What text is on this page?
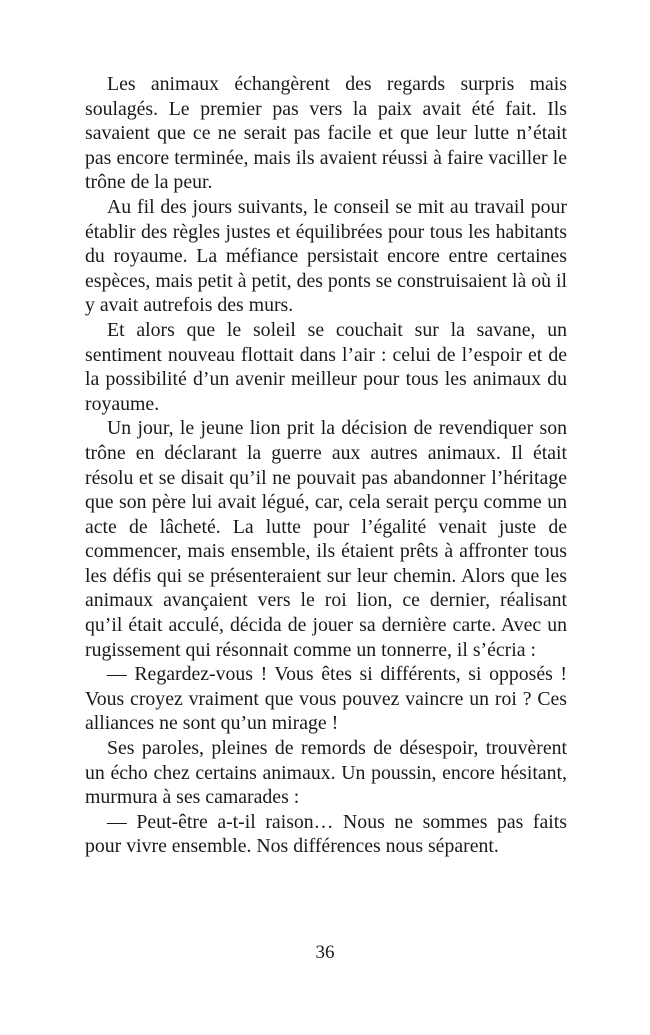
Les animaux échangèrent des regards surpris mais soulagés. Le premier pas vers la paix avait été fait. Ils savaient que ce ne serait pas facile et que leur lutte n’était pas encore terminée, mais ils avaient réussi à faire vaciller le trône de la peur.

Au fil des jours suivants, le conseil se mit au travail pour établir des règles justes et équilibrées pour tous les habitants du royaume. La méfiance persistait encore entre certaines espèces, mais petit à petit, des ponts se construisaient là où il y avait autrefois des murs.

Et alors que le soleil se couchait sur la savane, un sentiment nouveau flottait dans l’air : celui de l’espoir et de la possibilité d’un avenir meilleur pour tous les animaux du royaume.

Un jour, le jeune lion prit la décision de revendiquer son trône en déclarant la guerre aux autres animaux. Il était résolu et se disait qu’il ne pouvait pas abandonner l’héritage que son père lui avait légué, car, cela serait perçu comme un acte de lâcheté. La lutte pour l’égalité venait juste de commencer, mais ensemble, ils étaient prêts à affronter tous les défis qui se présenteraient sur leur chemin. Alors que les animaux avançaient vers le roi lion, ce dernier, réalisant qu’il était acculé, décida de jouer sa dernière carte. Avec un rugissement qui résonnait comme un tonnerre, il s’écria :

— Regardez-vous ! Vous êtes si différents, si opposés ! Vous croyez vraiment que vous pouvez vaincre un roi ? Ces alliances ne sont qu’un mirage !

Ses paroles, pleines de remords de désespoir, trouvèrent un écho chez certains animaux. Un poussin, encore hésitant, murmura à ses camarades :

— Peut-être a-t-il raison… Nous ne sommes pas faits pour vivre ensemble. Nos différences nous séparent.

36
